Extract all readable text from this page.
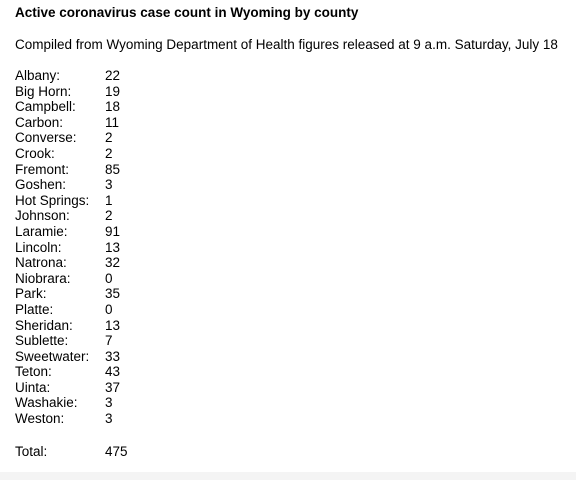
Active coronavirus case count in Wyoming by county
Compiled from Wyoming Department of Health figures released at 9 a.m. Saturday, July 18
Albany:	22
Big Horn: 19
Campbell: 18
Carbon:	11
Converse: 2
Crook:	2
Fremont:	85
Goshen:	3
Hot Springs: 1
Johnson:	2
Laramie:	91
Lincoln:	13
Natrona:	32
Niobrara:	0
Park:	35
Platte:	0
Sheridan: 13
Sublette:	7
Sweetwater: 33
Teton:	43
Uinta:	37
Washakie: 3
Weston:	3
Total:	475
